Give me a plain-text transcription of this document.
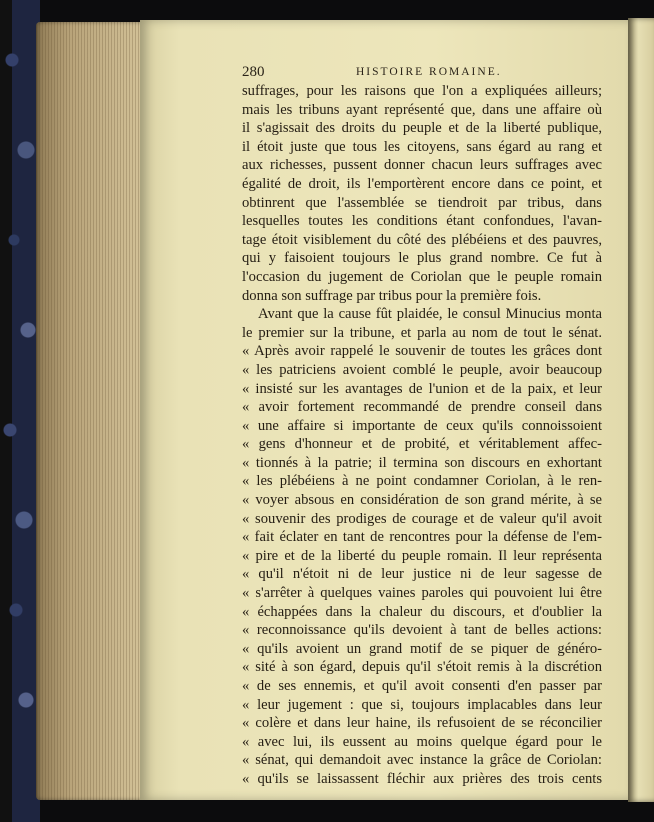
280	HISTOIRE ROMAINE.
suffrages, pour les raisons que l'on a expliquées ailleurs;
mais les tribuns ayant représenté que, dans une affaire où
il s'agissait des droits du peuple et de la liberté publique,
il étoit juste que tous les citoyens, sans égard au rang et
aux richesses, pussent donner chacun leurs suffrages avec
égalité de droit, ils l'emportèrent encore dans ce point, et
obtinrent que l'assemblée se tiendroit par tribus, dans
lesquelles toutes les conditions étant confondues, l'avan-
tage étoit visiblement du côté des plébéiens et des pauvres,
qui y faisoient toujours le plus grand nombre. Ce fut à
l'occasion du jugement de Coriolan que le peuple romain
donna son suffrage par tribus pour la première fois.
Avant que la cause fût plaidée, le consul Minucius monta
le premier sur la tribune, et parla au nom de tout le sénat.
« Après avoir rappelé le souvenir de toutes les grâces dont
« les patriciens avoient comblé le peuple, avoir beaucoup
« insisté sur les avantages de l'union et de la paix, et leur
« avoir fortement recommandé de prendre conseil dans
« une affaire si importante de ceux qu'ils connoissoient
« gens d'honneur et de probité, et véritablement affec-
« tionnés à la patrie; il termina son discours en exhortant
« les plébéiens à ne point condamner Coriolan, à le ren-
« voyer absous en considération de son grand mérite, à se
« souvenir des prodiges de courage et de valeur qu'il avoit
« fait éclater en tant de rencontres pour la défense de l'em-
« pire et de la liberté du peuple romain. Il leur représenta
« qu'il n'étoit ni de leur justice ni de leur sagesse de
« s'arrêter à quelques vaines paroles qui pouvoient lui être
« échappées dans la chaleur du discours, et d'oublier la
« reconnoissance qu'ils devoient à tant de belles actions:
« qu'ils avoient un grand motif de se piquer de généro-
« sité à son égard, depuis qu'il s'étoit remis à la discrétion
« de ses ennemis, et qu'il avoit consenti d'en passer par
« leur jugement : que si, toujours implacables dans leur
« colère et dans leur haine, ils refusoient de se réconcilier
« avec lui, ils eussent au moins quelque égard pour le
« sénat, qui demandoit avec instance la grâce de Coriolan:
« qu'ils se laissassent fléchir aux prières des trois cents
